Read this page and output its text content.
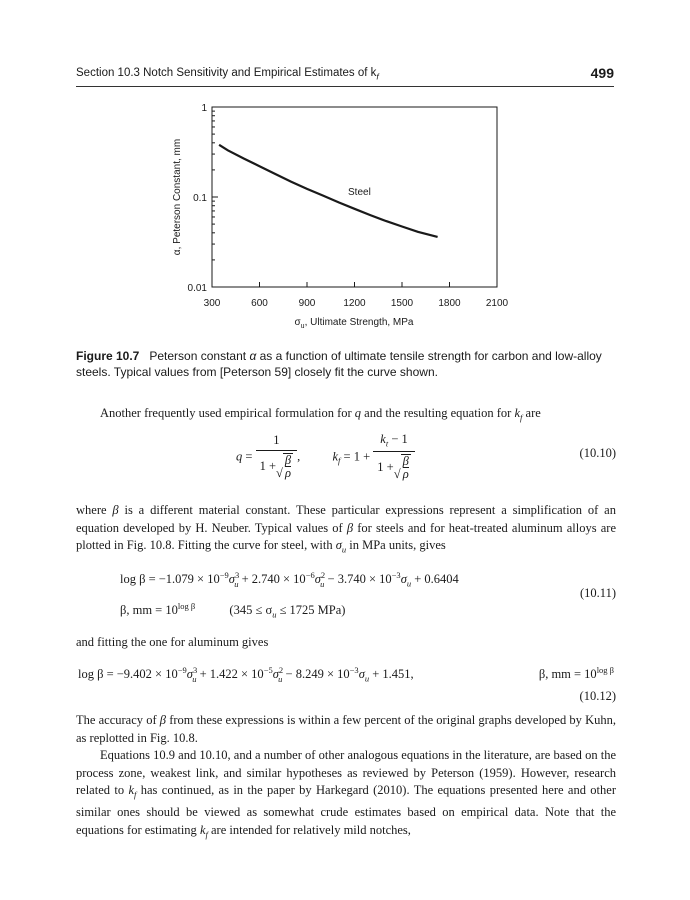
Section 10.3 Notch Sensitivity and Empirical Estimates of $k_f$	499
300	600	900	1200	1500	1800	2100
1
0.1
0.01
Steel
α, Peterson Constant, mm
$\sigma_u$, Ultimate Strength, MPa
Figure 10.7 Peterson constant α as a function of ultimate tensile strength for carbon and low-alloy steels. Typical values from [Peterson 59] closely fit the curve shown.
Another frequently used empirical formulation for q and the resulting equation for $k_f$ are
$q = \frac{1}{1 +√ \frac{\beta}{\rho}}$ ,	$k_f = 1 + \frac{k_t - 1}{1 +√ \frac{\beta}{\rho}}$	(10.10)
where β is a different material constant. These particular expressions represent a simplification of an equation developed by H. Neuber. Typical values of β for steels and for heat-treated aluminum alloys are plotted in Fig. 10.8. Fitting the curve for steel, with $\sigma_u$ in MPa units, gives
$\log \beta = -1.079 \times 10^{-9}\sigma^3_u + 2.740 \times 10^{-6}\sigma^2_u - 3.740 \times 10^{-3}\sigma_u + 0.6404$
β, mm = $10^{log \beta}$	($345 \le \sigma_u \le 1725$ MPa)
(10.11)
and fitting the one for aluminum gives
$\log \beta = -9.402 \times 10^{-9}\sigma^3_u + 1.422 \times 10^{-5}\sigma^2_u - 8.249 \times 10^{-3}\sigma_u + 1.451$,	β, mm = $10^{log \beta}$
(10.12)
The accuracy of β from these expressions is within a few percent of the original graphs developed by Kuhn, as replotted in Fig. 10.8.
Equations 10.9 and 10.10, and a number of other analogous equations in the literature, are based on the process zone, weakest link, and similar hypotheses as reviewed by Peterson (1959). However, research related to $k_f$ has continued, as in the paper by Harkegard (2010). The equations presented here and other similar ones should be viewed as somewhat crude estimates based on empirical data. Note that the equations for estimating $k_f$ are intended for relatively mild notches,
